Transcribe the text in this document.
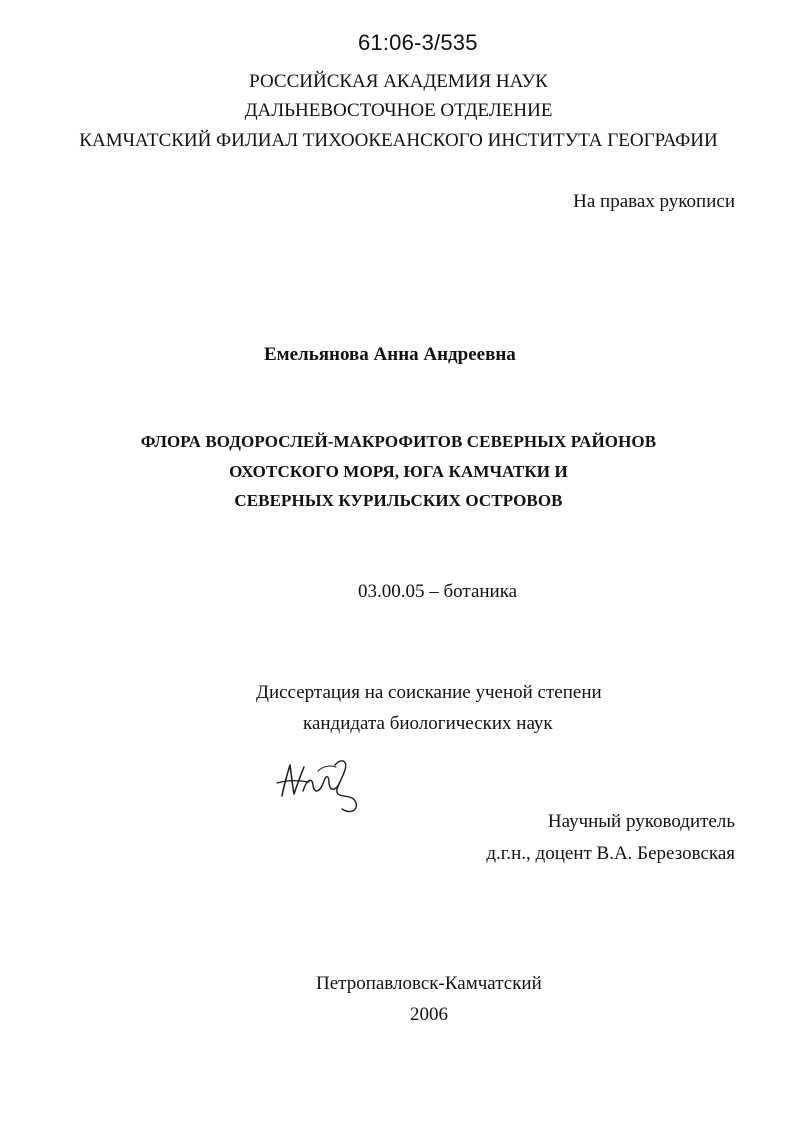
61:06-3/535
РОССИЙСКАЯ АКАДЕМИЯ НАУК
ДАЛЬНЕВОСТОЧНОЕ ОТДЕЛЕНИЕ
КАМЧАТСКИЙ ФИЛИАЛ ТИХООКЕАНСКОГО ИНСТИТУТА ГЕОГРАФИИ
На правах рукописи
Емельянова Анна Андреевна
ФЛОРА ВОДОРОСЛЕЙ-МАКРОФИТОВ СЕВЕРНЫХ РАЙОНОВ
ОХОТСКОГО МОРЯ, ЮГА КАМЧАТКИ И
СЕВЕРНЫХ КУРИЛЬСКИХ ОСТРОВОВ
03.00.05 – ботаника
Диссертация на соискание ученой степени
кандидата биологических наук
Научный руководитель
д.г.н., доцент В.А. Березовская
Петропавловск-Камчатский
2006
